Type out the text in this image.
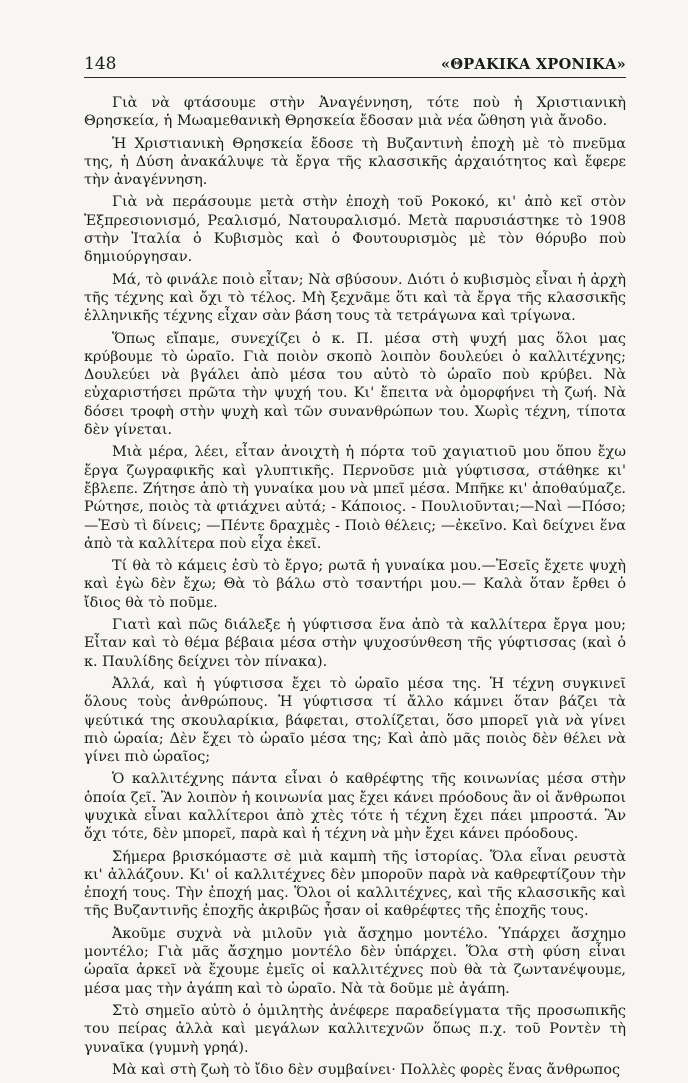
148	«ΘΡΑΚΙΚΑ ΧΡΟΝΙΚΑ»

Γιὰ νὰ φτάσουμε στὴν Ἀναγέννηση, τότε ποὺ ἡ Χριστιανικὴ Θρησκεία, ἡ Μωαμεθανικὴ Θρησκεία ἔδοσαν μιὰ νέα ὤθηση γιὰ ἄνοδο.

Ἡ Χριστιανικὴ Θρησκεία ἔδοσε τὴ Βυζαντινὴ ἐποχὴ μὲ τὸ πνεῦμα της, ἡ Δύση ἀνακάλυψε τὰ ἔργα τῆς κλασσικῆς ἀρχαιότητος καὶ ἔφερε τὴν ἀναγέννηση.

Γιὰ νὰ περάσουμε μετὰ στὴν ἐποχὴ τοῦ Ροκοκό, κι' ἀπὸ κεῖ στὸν Ἐξπρεσιονισμό, Ρεαλισμό, Νατουραλισμό. Μετὰ παρυσιάστηκε τὸ 1908 στὴν Ἰταλία ὁ Κυβισμὸς καὶ ὁ Φουτουρισμὸς μὲ τὸν θόρυβο ποὺ δημιούργησαν.

Μά, τὸ φινάλε ποιὸ εἶταν; Νὰ σβύσουν. Διότι ὁ κυβισμὸς εἶναι ἡ ἀρχὴ τῆς τέχνης καὶ ὄχι τὸ τέλος. Μὴ ξεχνᾶμε ὅτι καὶ τὰ ἔργα τῆς κλασσικῆς ἑλληνικῆς τέχνης εἶχαν σὰν βάση τους τὰ τετράγωνα καὶ τρίγωνα.

Ὅπως εἴπαμε, συνεχίζει ὁ κ. Π. μέσα στὴ ψυχή μας ὅλοι μας κρύβουμε τὸ ὡραῖο. Γιὰ ποιὸν σκοπὸ λοιπὸν δουλεύει ὁ καλλιτέχνης; Δουλεύει νὰ βγάλει ἀπὸ μέσα του αὐτὸ τὸ ὡραῖο ποὺ κρύβει. Νὰ εὐχαριστήσει πρῶτα τὴν ψυχή του. Κι' ἔπειτα νὰ ὀμορφήνει τὴ ζωή. Νὰ δόσει τροφὴ στὴν ψυχὴ καὶ τῶν συνανθρώπων του. Χωρὶς τέχνη, τίποτα δὲν γίνεται.

Μιὰ μέρα, λέει, εἶταν ἀνοιχτὴ ἡ πόρτα τοῦ χαγιατιοῦ μου ὅπου ἔχω ἔργα ζωγραφικῆς καὶ γλυπτικῆς. Περνοῦσε μιὰ γύφτισσα, στάθηκε κι' ἔβλεπε. Ζήτησε ἀπὸ τὴ γυναίκα μου νὰ μπεῖ μέσα. Μπῆκε κι' ἀποθαύμαζε. Ρώτησε, ποιὸς τὰ φτιάχνει αὐτά; - Κάποιος. - Πουλιοῦνται;—Ναὶ —Πόσο; —Ἐσὺ τὶ δίνεις; —Πέντε δραχμὲς - Ποιὸ θέλεις; —ἐκεῖνο. Καὶ δείχνει ἕνα ἀπὸ τὰ καλλίτερα ποὺ εἶχα ἐκεῖ.

Τί θὰ τὸ κάμεις ἐσὺ τὸ ἔργο; ρωτᾶ ἡ γυναίκα μου.—Ἐσεῖς ἔχετε ψυχὴ καὶ ἐγὼ δὲν ἔχω; Θὰ τὸ βάλω στὸ τσαντήρι μου.— Καλὰ ὅταν ἔρθει ὁ ἴδιος θὰ τὸ ποῦμε.

Γιατὶ καὶ πῶς διάλεξε ἡ γύφτισσα ἕνα ἀπὸ τὰ καλλίτερα ἔργα μου; Εἶταν καὶ τὸ θέμα βέβαια μέσα στὴν ψυχοσύνθεση τῆς γύφτισσας (καὶ ὁ κ. Παυλίδης δείχνει τὸν πίνακα).

Ἀλλά, καὶ ἡ γύφτισσα ἔχει τὸ ὡραῖο μέσα της. Ἡ τέχνη συγκινεῖ ὅλους τοὺς ἀνθρώπους. Ἡ γύφτισσα τί ἄλλο κάμνει ὅταν βάζει τὰ ψεύτικά της σκουλαρίκια, βάφεται, στολίζεται, ὅσο μπορεῖ γιὰ νὰ γίνει πιὸ ὡραία; Δὲν ἔχει τὸ ὡραῖο μέσα της; Καὶ ἀπὸ μᾶς ποιὸς δὲν θέλει νὰ γίνει πιὸ ὡραῖος;

Ὁ καλλιτέχνης πάντα εἶναι ὁ καθρέφτης τῆς κοινωνίας μέσα στὴν ὁποία ζεῖ. Ἂν λοιπὸν ἡ κοινωνία μας ἔχει κάνει πρόοδους ἂν οἱ ἄνθρωποι ψυχικὰ εἶναι καλλίτεροι ἀπὸ χτὲς τότε ἡ τέχνη ἔχει πάει μπροστά. Ἂν ὄχι τότε, δὲν μπορεῖ, παρὰ καὶ ἡ τέχνη νὰ μὴν ἔχει κάνει πρόοδους.

Σήμερα βρισκόμαστε σὲ μιὰ καμπὴ τῆς ἱστορίας. Ὅλα εἶναι ρευστὰ κι' ἀλλάζουν. Κι' οἱ καλλιτέχνες δὲν μποροῦν παρὰ νὰ καθρεφτίζουν τὴν ἐποχή τους. Τὴν ἐποχή μας. Ὅλοι οἱ καλλιτέχνες, καὶ τῆς κλασσικῆς καὶ τῆς Βυζαντινῆς ἐποχῆς ἀκριβῶς ἦσαν οἱ καθρέφτες τῆς ἐποχῆς τους.

Ἀκοῦμε συχνὰ νὰ μιλοῦν γιὰ ἄσχημο μοντέλο. Ὑπάρχει ἄσχημο μοντέλο; Γιὰ μᾶς ἄσχημο μοντέλο δὲν ὑπάρχει. Ὅλα στὴ φύση εἶναι ὡραῖα ἀρκεῖ νὰ ἔχουμε ἐμεῖς οἱ καλλιτέχνες ποὺ θὰ τὰ ζωντανέψουμε, μέσα μας τὴν ἀγάπη καὶ τὸ ὡραῖο. Νὰ τὰ δοῦμε μὲ ἀγάπη.

Στὸ σημεῖο αὐτὸ ὁ ὁμιλητὴς ἀνέφερε παραδείγματα τῆς προσωπικῆς του πείρας ἀλλὰ καὶ μεγάλων καλλιτεχνῶν ὅπως π.χ. τοῦ Ροντὲν τὴ γυναῖκα (γυμνὴ γρηά).

Μὰ καὶ στὴ ζωὴ τὸ ἴδιο δὲν συμβαίνει· Πολλὲς φορὲς ἕνας ἄνθρωπος
